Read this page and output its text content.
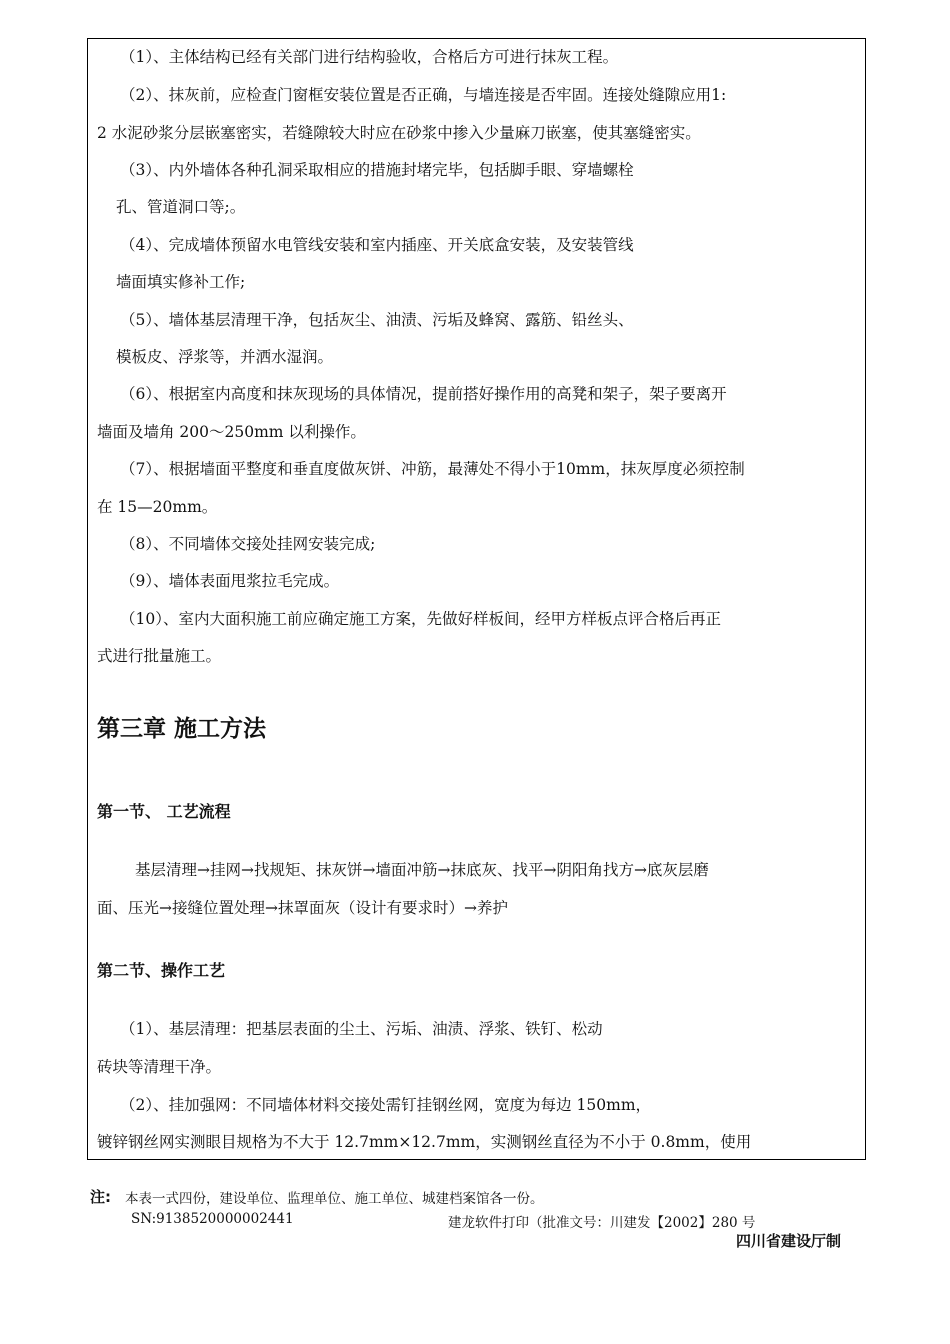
（1）、主体结构已经有关部门进行结构验收，合格后方可进行抹灰工程。
（2）、抹灰前，应检查门窗框安装位置是否正确，与墙连接是否牢固。连接处缝隙应用1:
2 水泥砂浆分层嵌塞密实，若缝隙较大时应在砂浆中掺入少量麻刀嵌塞，使其塞缝密实。
（3）、内外墙体各种孔洞采取相应的措施封堵完毕，包括脚手眼、穿墙螺栓
孔、管道洞口等;。
（4）、完成墙体预留水电管线安装和室内插座、开关底盒安装，及安装管线
墙面填实修补工作;
（5）、墙体基层清理干净，包括灰尘、油渍、污垢及蜂窝、露筋、铅丝头、
模板皮、浮浆等，并洒水湿润。
（6）、根据室内高度和抹灰现场的具体情况，提前搭好操作用的高凳和架子，架子要离开
墙面及墙角 200～250mm 以利操作。
（7）、根据墙面平整度和垂直度做灰饼、冲筋，最薄处不得小于10mm，抹灰厚度必须控制
在 15—20mm。
（8）、不同墙体交接处挂网安装完成;
（9）、墙体表面甩浆拉毛完成。
（10）、室内大面积施工前应确定施工方案，先做好样板间，经甲方样板点评合格后再正
式进行批量施工。
第三章 施工方法
第一节、 工艺流程
基层清理→挂网→找规矩、抹灰饼→墙面冲筋→抹底灰、找平→阴阳角找方→底灰层磨
面、压光→接缝位置处理→抹罩面灰（设计有要求时）→养护
第二节、操作工艺
（1）、基层清理：把基层表面的尘土、污垢、油渍、浮浆、铁钉、松动
砖块等清理干净。
（2）、挂加强网：不同墙体材料交接处需钉挂钢丝网，宽度为每边 150mm，
镀锌钢丝网实测眼目规格为不大于 12.7mm×12.7mm，实测钢丝直径为不小于 0.8mm，使用
注: 本表一式四份，建设单位、监理单位、施工单位、城建档案馆各一份。
SN:9138520000002441	建龙软件打印（批准文号：川建发【2002】280 号
四川省建设厅制
